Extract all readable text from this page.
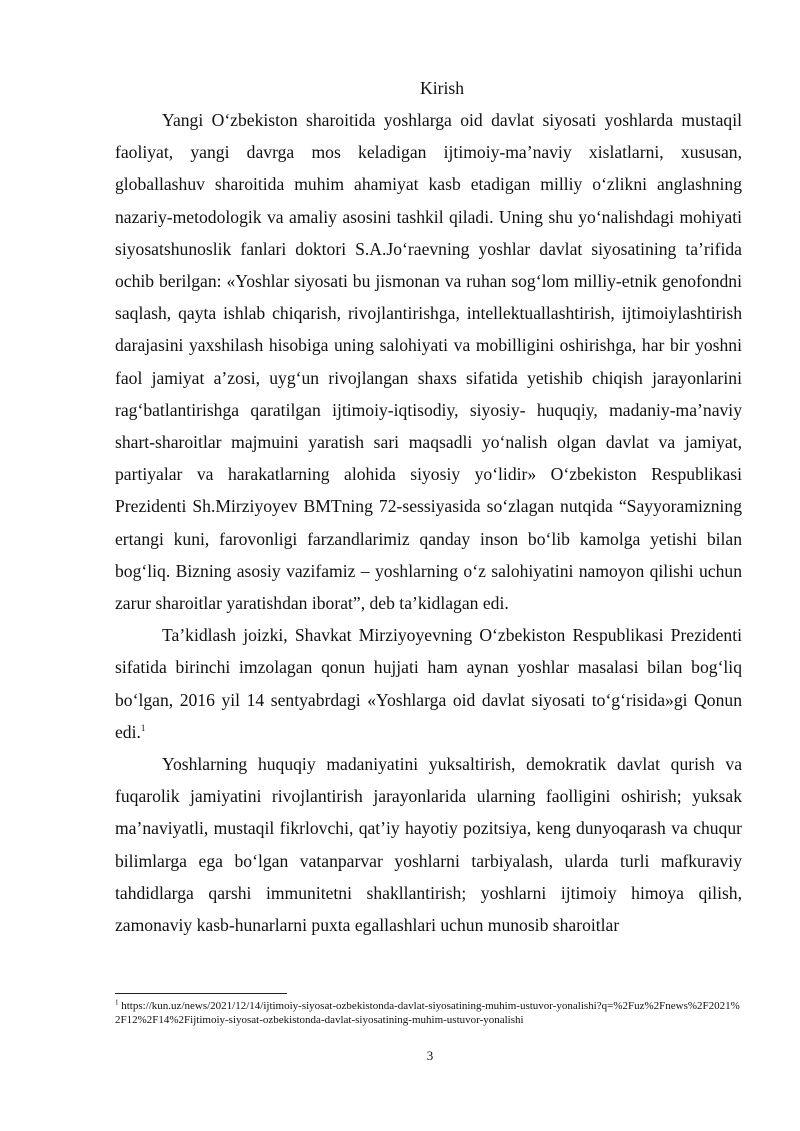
Kirish

Yangi O‘zbekiston sharoitida yoshlarga oid davlat siyosati yoshlarda mustaqil faoliyat, yangi davrga mos keladigan ijtimoiy-ma’naviy xislatlarni, xususan, globallashuv sharoitida muhim ahamiyat kasb etadigan milliy o‘zlikni anglashning nazariy-metodologik va amaliy asosini tashkil qiladi. Uning shu yo‘nalishdagi mohiyati siyosatshunoslik fanlari doktori S.A.Jo‘raevning yoshlar davlat siyosatining ta’rifida ochib berilgan: «Yoshlar siyosati bu jismonan va ruhan sog‘lom milliy-etnik genofondni saqlash, qayta ishlab chiqarish, rivojlantirishga, intellektuallashtirish, ijtimoiylashtirish darajasini yaxshilash hisobiga uning salohiyati va mobilligini oshirishga, har bir yoshni faol jamiyat a’zosi, uyg‘un rivojlangan shaxs sifatida yetishib chiqish jarayonlarini rag‘batlantirishga qaratilgan ijtimoiy-iqtisodiy, siyosiy- huquqiy, madaniy-ma’naviy shart-sharoitlar majmuini yaratish sari maqsadli yo‘nalish olgan davlat va jamiyat, partiyalar va harakatlarning alohida siyosiy yo‘lidir» O‘zbekiston Respublikasi Prezidenti Sh.Mirziyoyev BMTning 72-sessiyasida so‘zlagan nutqida “Sayyoramizning ertangi kuni, farovonligi farzandlarimiz qanday inson bo‘lib kamolga yetishi bilan bog‘liq. Bizning asosiy vazifamiz – yoshlarning o‘z salohiyatini namoyon qilishi uchun zarur sharoitlar yaratishdan iborat”, deb ta’kidlagan edi.

Ta’kidlash joizki, Shavkat Mirziyoyevning O‘zbekiston Respublikasi Prezidenti sifatida birinchi imzolagan qonun hujjati ham aynan yoshlar masalasi bilan bog‘liq bo‘lgan, 2016 yil 14 sentyabrdagi «Yoshlarga oid davlat siyosati to‘g‘risida»gi Qonun edi.$^1$

Yoshlarning huquqiy madaniyatini yuksaltirish, demokratik davlat qurish va fuqarolik jamiyatini rivojlantirish jarayonlarida ularning faolligini oshirish; yuksak ma’naviyatli, mustaqil fikrlovchi, qat’iy hayotiy pozitsiya, keng dunyoqarash va chuqur bilimlarga ega bo‘lgan vatanparvar yoshlarni tarbiyalash, ularda turli mafkuraviy tahdidlarga qarshi immunitetni shakllantirish; yoshlarni ijtimoiy himoya qilish, zamonaviy kasb-hunarlarni puxta egallashlari uchun munosib sharoitlar

$^1$ https://kun.uz/news/2021/12/14/ijtimoiy-siyosat-ozbekistonda-davlat-siyosatining-muhim-ustuvor-yonalishi?q=%2Fuz%2Fnews%2F2021%2F12%2F14%2Fijtimoiy-siyosat-ozbekistonda-davlat-siyosatining-muhim-ustuvor-yonalishi
3
